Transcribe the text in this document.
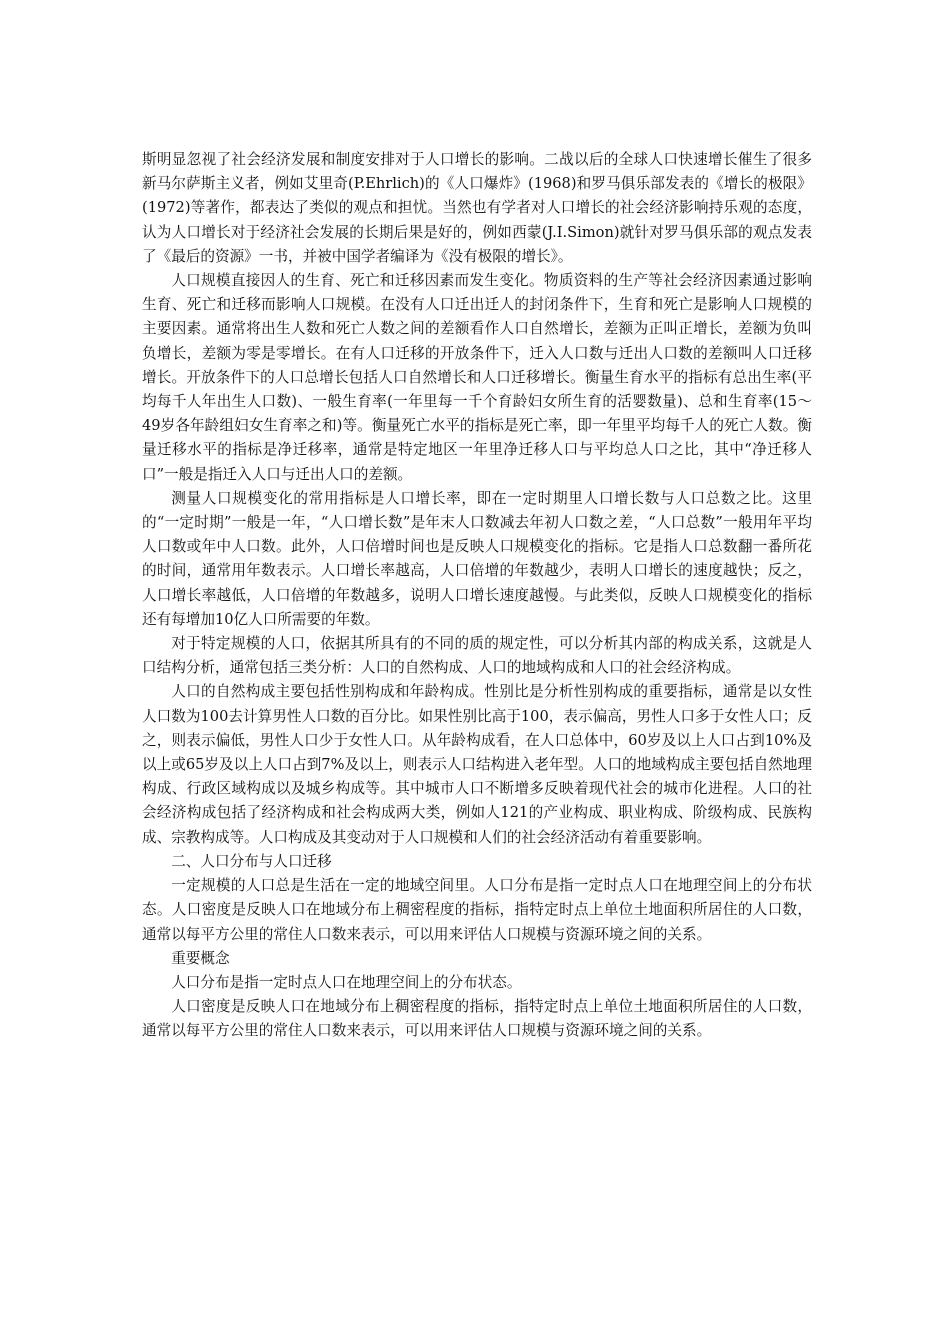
斯明显忽视了社会经济发展和制度安排对于人口增长的影响。二战以后的全球人口快速增长催生了很多新马尔萨斯主义者，例如艾里奇(P.Ehrlich)的《人口爆炸》(1968)和罗马俱乐部发表的《增长的极限》(1972)等著作，都表达了类似的观点和担忧。当然也有学者对人口增长的社会经济影响持乐观的态度，认为人口增长对于经济社会发展的长期后果是好的，例如西蒙(J.I.Simon)就针对罗马俱乐部的观点发表了《最后的资源》一书，并被中国学者编译为《没有极限的增长》。

人口规模直接因人的生育、死亡和迁移因素而发生变化。物质资料的生产等社会经济因素通过影响生育、死亡和迁移而影响人口规模。在没有人口迁出迁人的封闭条件下，生育和死亡是影响人口规模的主要因素。通常将出生人数和死亡人数之间的差额看作人口自然增长，差额为正叫正增长，差额为负叫负增长，差额为零是零增长。在有人口迁移的开放条件下，迁入人口数与迁出人口数的差额叫人口迁移增长。开放条件下的人口总增长包括人口自然增长和人口迁移增长。衡量生育水平的指标有总出生率(平均每千人年出生人口数)、一般生育率(一年里每一千个育龄妇女所生育的活婴数量)、总和生育率(15～49岁各年龄组妇女生育率之和)等。衡量死亡水平的指标是死亡率，即一年里平均每千人的死亡人数。衡量迁移水平的指标是净迁移率，通常是特定地区一年里净迁移人口与平均总人口之比，其中“净迁移人口”一般是指迁入人口与迁出人口的差额。

测量人口规模变化的常用指标是人口增长率，即在一定时期里人口增长数与人口总数之比。这里的“一定时期”一般是一年，“人口增长数”是年末人口数减去年初人口数之差，“人口总数”一般用年平均人口数或年中人口数。此外，人口倍增时间也是反映人口规模变化的指标。它是指人口总数翻一番所花的时间，通常用年数表示。人口增长率越高，人口倍增的年数越少，表明人口增长的速度越快；反之，人口增长率越低，人口倍增的年数越多，说明人口增长速度越慢。与此类似，反映人口规模变化的指标还有每增加10亿人口所需要的年数。

对于特定规模的人口，依据其所具有的不同的质的规定性，可以分析其内部的构成关系，这就是人口结构分析，通常包括三类分析：人口的自然构成、人口的地域构成和人口的社会经济构成。

人口的自然构成主要包括性别构成和年龄构成。性别比是分析性别构成的重要指标，通常是以女性人口数为100去计算男性人口数的百分比。如果性别比高于100，表示偏高，男性人口多于女性人口；反之，则表示偏低，男性人口少于女性人口。从年龄构成看，在人口总体中，60岁及以上人口占到10%及以上或65岁及以上人口占到7%及以上，则表示人口结构进入老年型。人口的地域构成主要包括自然地理构成、行政区域构成以及城乡构成等。其中城市人口不断增多反映着现代社会的城市化进程。人口的社会经济构成包括了经济构成和社会构成两大类，例如人121的产业构成、职业构成、阶级构成、民族构成、宗教构成等。人口构成及其变动对于人口规模和人们的社会经济活动有着重要影响。

二、人口分布与人口迁移

一定规模的人口总是生活在一定的地域空间里。人口分布是指一定时点人口在地理空间上的分布状态。人口密度是反映人口在地域分布上稠密程度的指标，指特定时点上单位土地面积所居住的人口数，通常以每平方公里的常住人口数来表示，可以用来评估人口规模与资源环境之间的关系。

重要概念

人口分布是指一定时点人口在地理空间上的分布状态。

人口密度是反映人口在地域分布上稠密程度的指标，指特定时点上单位土地面积所居住的人口数，通常以每平方公里的常住人口数来表示，可以用来评估人口规模与资源环境之间的关系。
